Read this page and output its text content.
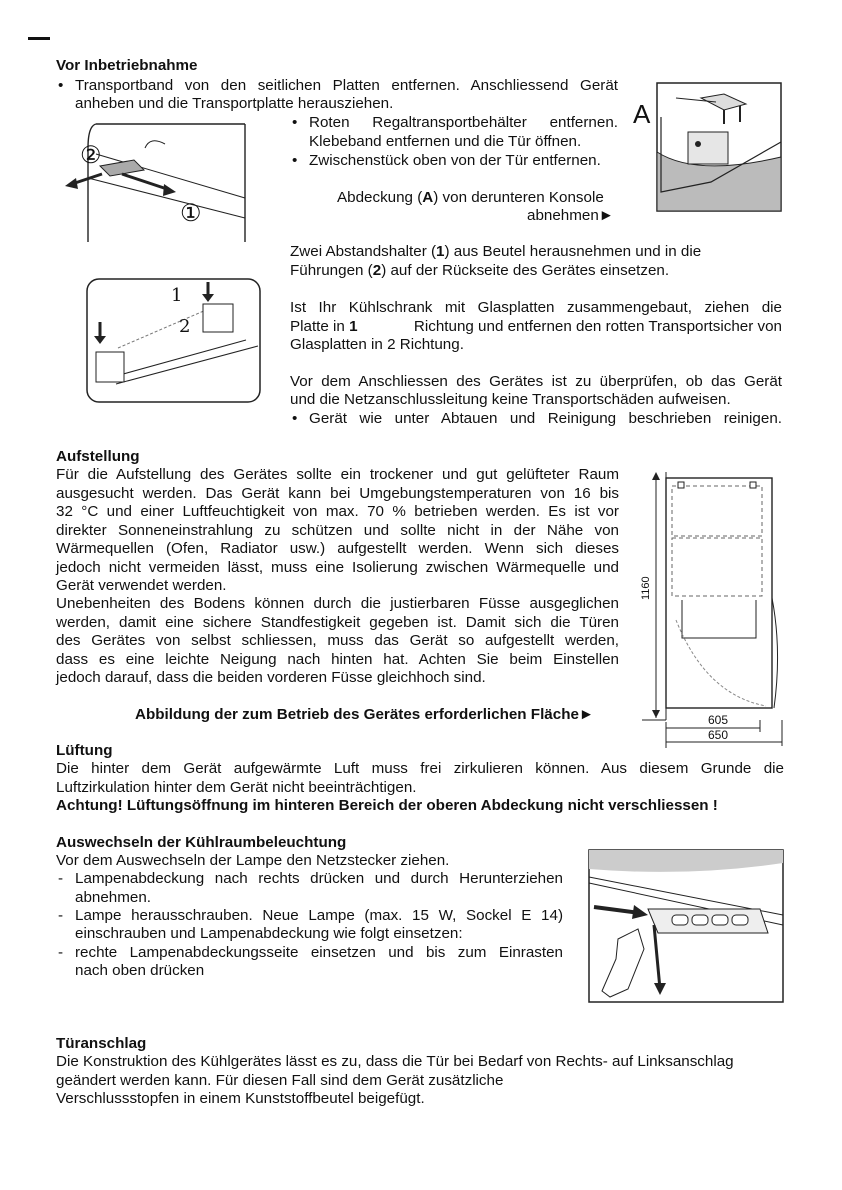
Vor Inbetriebnahme
• Transportband von den seitlichen Platten entfernen. Anschliessend Gerät
anheben und die Transportplatte herausziehen.
• Roten Regaltransportbehälter entfernen.
Klebeband entfernen und die Tür öffnen.
• Zwischenstück oben von der Tür entfernen.
Abdeckung (A) von derunteren Konsole
abnehmen►
A
②
①
1
2
Zwei Abstandshalter (1) aus Beutel herausnehmen und in die
Führungen (2) auf der Rückseite des Gerätes einsetzen.
Ist Ihr Kühlschrank mit Glasplatten zusammengebaut, ziehen die
Platte in 1	Richtung und entfernen den rotten Transportsicher von
Glasplatten in 2 Richtung.
Vor dem Anschliessen des Gerätes ist zu überprüfen, ob das Gerät
und die Netzanschlussleitung keine Transportschäden aufweisen.
• Gerät wie unter Abtauen und Reinigung beschrieben reinigen.
Aufstellung
Für die Aufstellung des Gerätes sollte ein trockener und gut gelüfteter Raum
ausgesucht werden. Das Gerät kann bei Umgebungstemperaturen von 16 bis
32 °C und einer Luftfeuchtigkeit von max. 70 % betrieben werden. Es ist vor
direkter Sonneneinstrahlung zu schützen und sollte nicht in der Nähe von
Wärmequellen (Ofen, Radiator usw.) aufgestellt werden. Wenn sich dieses
jedoch nicht vermeiden lässt, muss eine Isolierung zwischen Wärmequelle und
Gerät verwendet werden.
Unebenheiten des Bodens können durch die justierbaren Füsse ausgeglichen
werden, damit eine sichere Standfestigkeit gegeben ist. Damit sich die Türen
des Gerätes von selbst schliessen, muss das Gerät so aufgestellt werden,
dass es eine leichte Neigung nach hinten hat. Achten Sie beim Einstellen
jedoch darauf, dass die beiden vorderen Füsse gleichhoch sind.
Abbildung der zum Betrieb des Gerätes erforderlichen Fläche►
1160
605
650
Lüftung
Die hinter dem Gerät aufgewärmte Luft muss frei zirkulieren können. Aus diesem Grunde die
Luftzirkulation hinter dem Gerät nicht beeinträchtigen.
Achtung! Lüftungsöffnung im hinteren Bereich der oberen Abdeckung nicht verschliessen !
Auswechseln der Kühlraumbeleuchtung
Vor dem Auswechseln der Lampe den Netzstecker ziehen.
- Lampenabdeckung nach rechts drücken und durch Herunterziehen
abnehmen.
- Lampe herausschrauben. Neue Lampe (max. 15 W, Sockel E 14)
einschrauben und Lampenabdeckung wie folgt einsetzen:
- rechte Lampenabdeckungsseite einsetzen und bis zum Einrasten
nach oben drücken
Türanschlag
Die Konstruktion des Kühlgerätes lässt es zu, dass die Tür bei Bedarf von Rechts- auf Linksanschlag
geändert werden kann. Für diesen Fall sind dem Gerät zusätzliche
Verschlussstopfen in einem Kunststoffbeutel beigefügt.
